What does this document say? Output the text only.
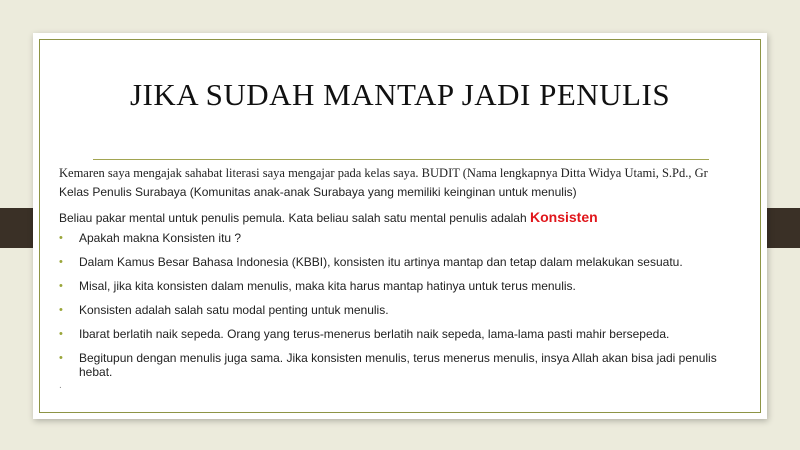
JIKA SUDAH MANTAP JADI PENULIS

Kemaren saya mengajak sahabat literasi saya mengajar pada kelas saya. BUDIT (Nama lengkapnya Ditta Widya Utami, S.Pd., Gr

Kelas Penulis Surabaya (Komunitas anak-anak Surabaya yang memiliki keinginan untuk menulis)

Beliau pakar mental untuk penulis pemula. Kata beliau salah satu mental penulis adalah Konsisten

• Apakah makna Konsisten itu ?
• Dalam Kamus Besar Bahasa Indonesia (KBBI), konsisten itu artinya mantap dan tetap dalam melakukan sesuatu.
• Misal, jika kita konsisten dalam menulis, maka kita harus mantap hatinya untuk terus menulis.
• Konsisten adalah salah satu modal penting untuk menulis.
• Ibarat berlatih naik sepeda. Orang yang terus-menerus berlatih naik sepeda, lama-lama pasti mahir bersepeda.
• Begitupun dengan menulis juga sama. Jika konsisten menulis, terus menerus menulis, insya Allah akan bisa jadi penulis hebat.
.
